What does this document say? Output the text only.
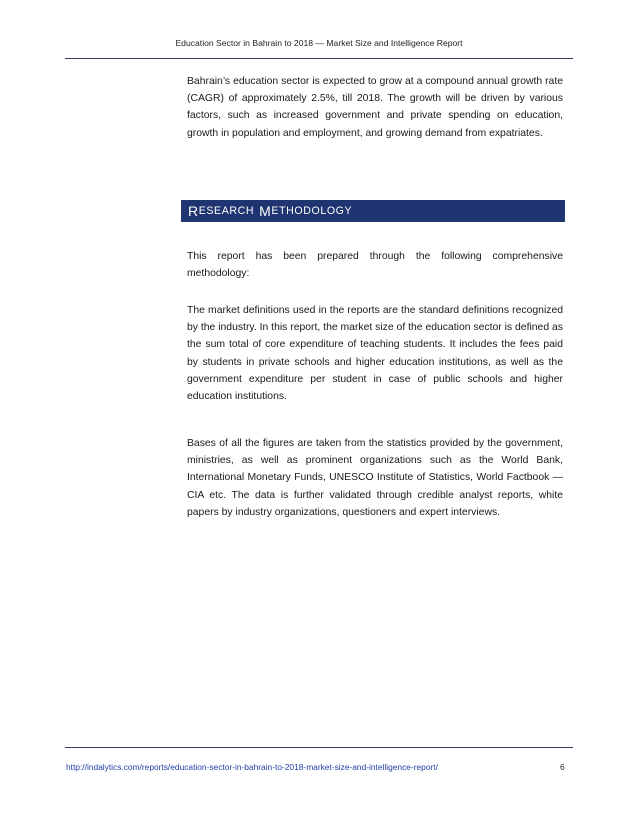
Education Sector in Bahrain to 2018 — Market Size and Intelligence Report

Bahrain’s education sector is expected to grow at a compound annual growth rate (CAGR) of approximately 2.5%, till 2018. The growth will be driven by various factors, such as increased government and private spending on education, growth in population and employment, and growing demand from expatriates.

R ESEARCH M ETHODOLOGY

This report has been prepared through the following comprehensive methodology:

The market definitions used in the reports are the standard definitions recognized by the industry. In this report, the market size of the education sector is defined as the sum total of core expenditure of teaching students. It includes the fees paid by students in private schools and higher education institutions, as well as the government expenditure per student in case of public schools and higher education institutions.

Bases of all the figures are taken from the statistics provided by the government, ministries, as well as prominent organizations such as the World Bank, International Monetary Funds, UNESCO Institute of Statistics, World Factbook — CIA etc. The data is further validated through credible analyst reports, white papers by industry organizations, questioners and expert interviews.

http://indalytics.com/reports/education-sector-in-bahrain-to-2018-market-size-and-intelligence-report/	6
